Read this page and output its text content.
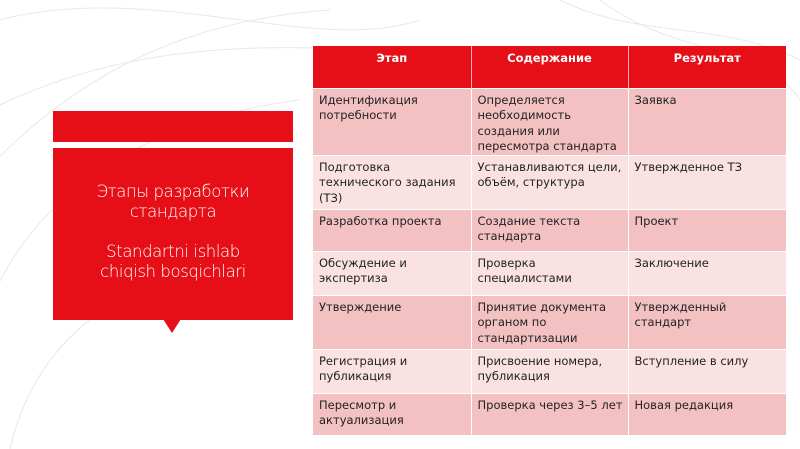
Этапы разработки стандарта
Standartni ishlab
chiqish bosqichlari
Этап	Содержание	Результат
Идентификация потребности	Определяется необходимость создания или пересмотра стандарта	Заявка
Подготовка технического задания (ТЗ)	Устанавливаются цели, объём, структура	Утвержденное ТЗ
Разработка проекта	Создание текста стандарта	Проект
Обсуждение и экспертиза	Проверка специалистами	Заключение
Утверждение	Принятие документа органом по стандартизации	Утвержденный стандарт
Регистрация и публикация	Присвоение номера, публикация	Вступление в силу
Пересмотр и актуализация	Проверка через 3–5 лет	Новая редакция
